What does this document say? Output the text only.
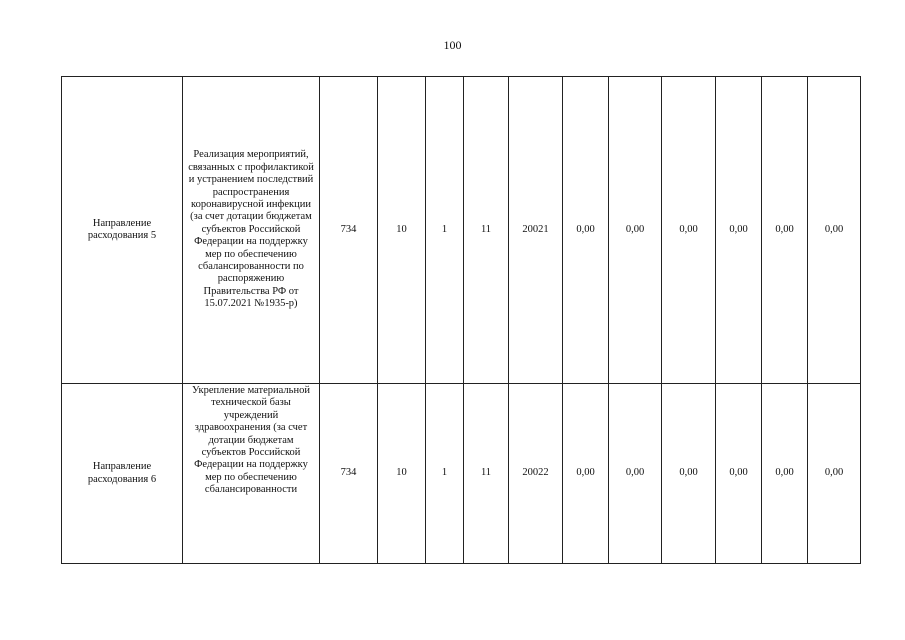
100
Направление расходования 5	Реализация мероприятий, связанных с профилактикой и устранением последствий распространения коронавирусной инфекции (за счет дотации бюджетам субъектов Российской Федерации на поддержку мер по обеспечению сбалансированности по распоряжению Правительства РФ от 15.07.2021 №1935-р)	734	10	1	11	20021	0,00	0,00	0,00	0,00	0,00	0,00
Направление расходования 6	Укрепление материальной технической базы учреждений здравоохранения (за счет дотации бюджетам субъектов Российской Федерации на поддержку мер по обеспечению сбалансированности	734	10	1	11	20022	0,00	0,00	0,00	0,00	0,00	0,00
